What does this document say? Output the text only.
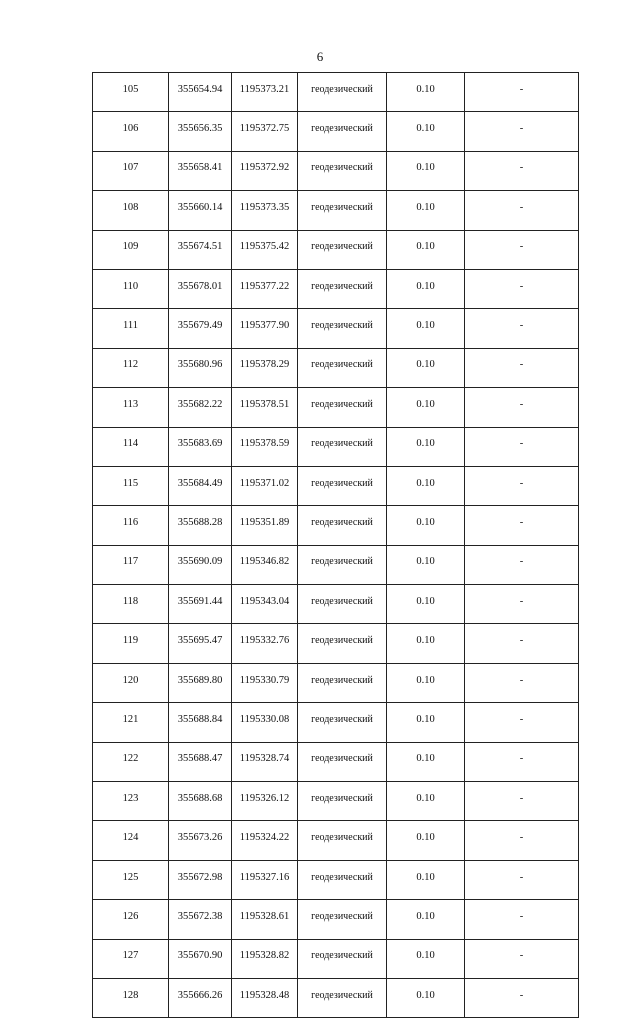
6
105	355654.94	1195373.21	геодезический	0.10	-
106	355656.35	1195372.75	геодезический	0.10	-
107	355658.41	1195372.92	геодезический	0.10	-
108	355660.14	1195373.35	геодезический	0.10	-
109	355674.51	1195375.42	геодезический	0.10	-
110	355678.01	1195377.22	геодезический	0.10	-
111	355679.49	1195377.90	геодезический	0.10	-
112	355680.96	1195378.29	геодезический	0.10	-
113	355682.22	1195378.51	геодезический	0.10	-
114	355683.69	1195378.59	геодезический	0.10	-
115	355684.49	1195371.02	геодезический	0.10	-
116	355688.28	1195351.89	геодезический	0.10	-
117	355690.09	1195346.82	геодезический	0.10	-
118	355691.44	1195343.04	геодезический	0.10	-
119	355695.47	1195332.76	геодезический	0.10	-
120	355689.80	1195330.79	геодезический	0.10	-
121	355688.84	1195330.08	геодезический	0.10	-
122	355688.47	1195328.74	геодезический	0.10	-
123	355688.68	1195326.12	геодезический	0.10	-
124	355673.26	1195324.22	геодезический	0.10	-
125	355672.98	1195327.16	геодезический	0.10	-
126	355672.38	1195328.61	геодезический	0.10	-
127	355670.90	1195328.82	геодезический	0.10	-
128	355666.26	1195328.48	геодезический	0.10	-
